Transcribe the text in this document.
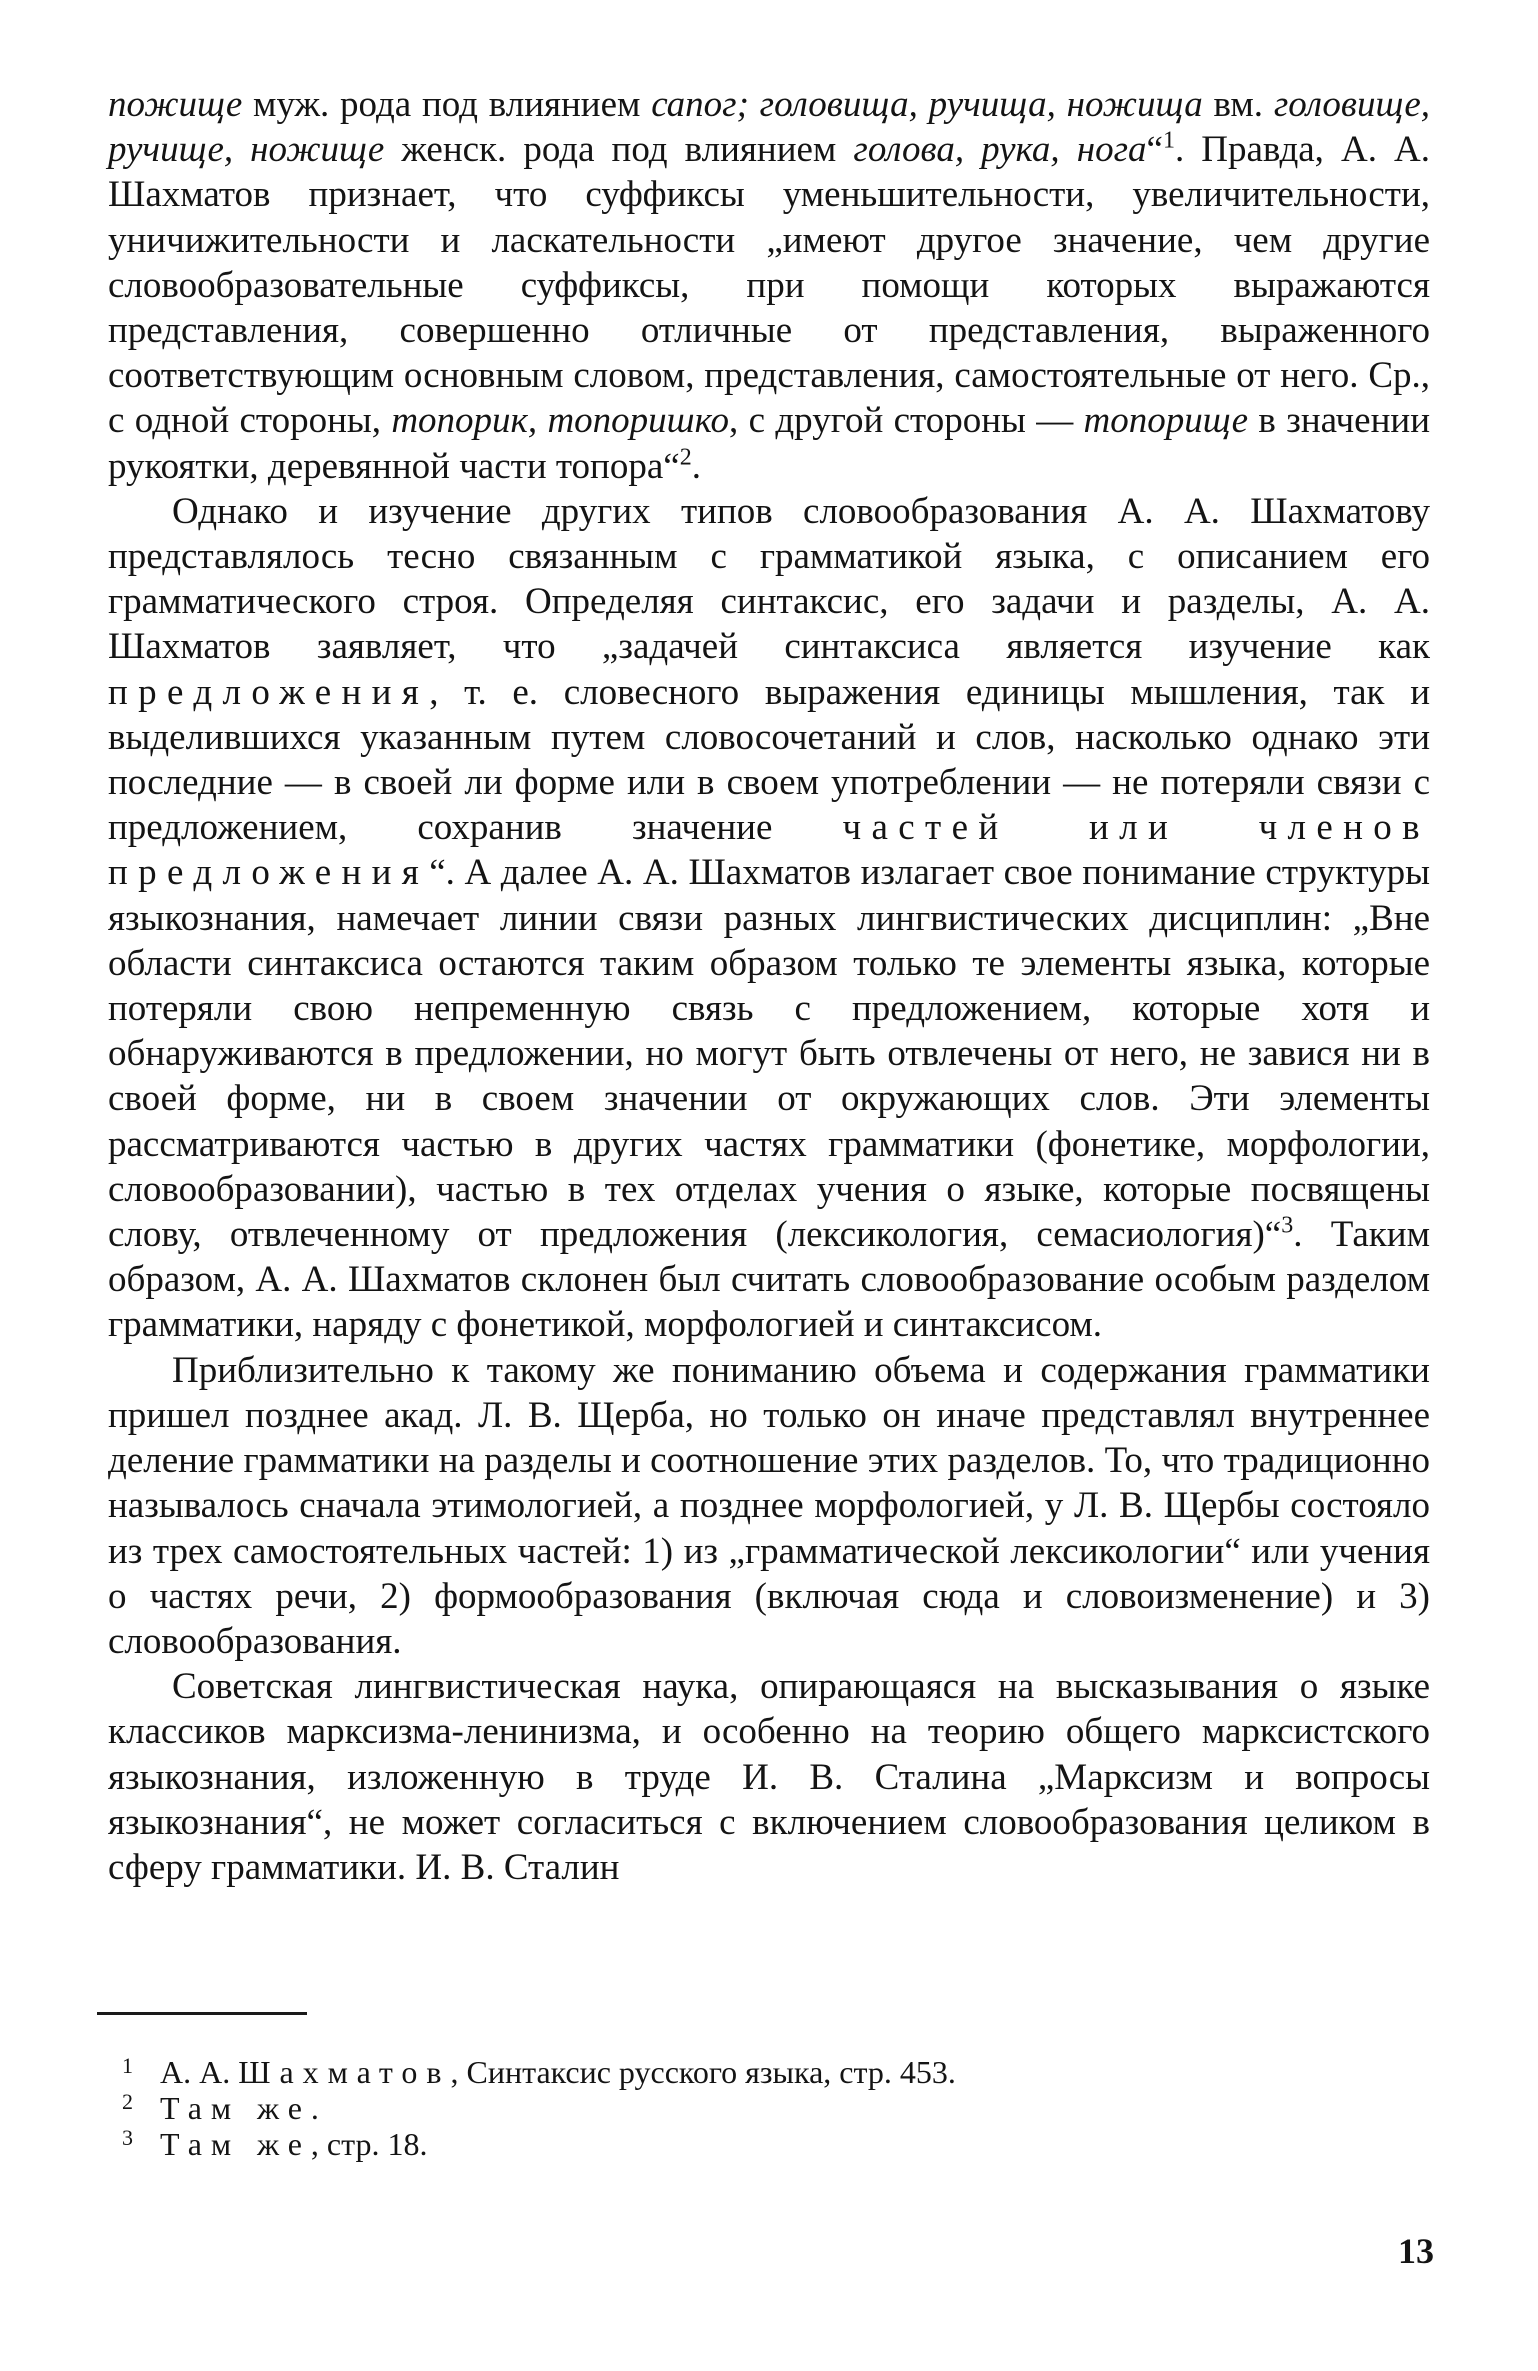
пожище муж. рода под влиянием сапог; головища, ручища, ножища вм. головище, ручище, ножище женск. рода под влиянием голова, рука, нога“$^1$. Правда, А. А. Шахматов признает, что суффиксы уменьшительности, увеличительности, уничижительности и ласкательности „имеют другое значение, чем другие словообразовательные суффиксы, при помощи которых выражаются представления, совершенно отличные от представления, выраженного соответствующим основным словом, представления, самостоятельные от него. Ср., с одной стороны, топорик, топоришко, с другой стороны — топорище в значении рукоятки, деревянной части топора“$^2$.

Однако и изучение других типов словообразования А. А. Шахматову представлялось тесно связанным с грамматикой языка, с описанием его грамматического строя. Определяя синтаксис, его задачи и разделы, А. А. Шахматов заявляет, что „задачей синтаксиса является изучение как предложения, т. е. словесного выражения единицы мышления, так и выделившихся указанным путем словосочетаний и слов, насколько однако эти последние — в своей ли форме или в своем употреблении — не потеряли связи с предложением, сохранив значение частей или членов предложения“. А далее А. А. Шахматов излагает свое понимание структуры языкознания, намечает линии связи разных лингвистических дисциплин: „Вне области синтаксиса остаются таким образом только те элементы языка, которые потеряли свою непременную связь с предложением, которые хотя и обнаруживаются в предложении, но могут быть отвлечены от него, не завися ни в своей форме, ни в своем значении от окружающих слов. Эти элементы рассматриваются частью в других частях грамматики (фонетике, морфологии, словообразовании), частью в тех отделах учения о языке, которые посвящены слову, отвлеченному от предложения (лексикология, семасиология)“$^3$. Таким образом, А. А. Шахматов склонен был считать словообразование особым разделом грамматики, наряду с фонетикой, морфологией и синтаксисом.

Приблизительно к такому же пониманию объема и содержания грамматики пришел позднее акад. Л. В. Щерба, но только он иначе представлял внутреннее деление грамматики на разделы и соотношение этих разделов. То, что традиционно называлось сначала этимологией, а позднее морфологией, у Л. В. Щербы состояло из трех самостоятельных частей: 1) из „грамматической лексикологии“ или учения о частях речи, 2) формообразования (включая сюда и словоизменение) и 3) словообразования.

Советская лингвистическая наука, опирающаяся на высказывания о языке классиков марксизма-ленинизма, и особенно на теорию общего марксистского языкознания, изложенную в труде И. В. Сталина „Марксизм и вопросы языкознания“, не может согласиться с включением словообразования целиком в сферу грамматики. И. В. Сталин

1 А. А. Шахматов, Синтаксис русского языка, стр. 453.

2 Там же.

3 Там же, стр. 18.

13
